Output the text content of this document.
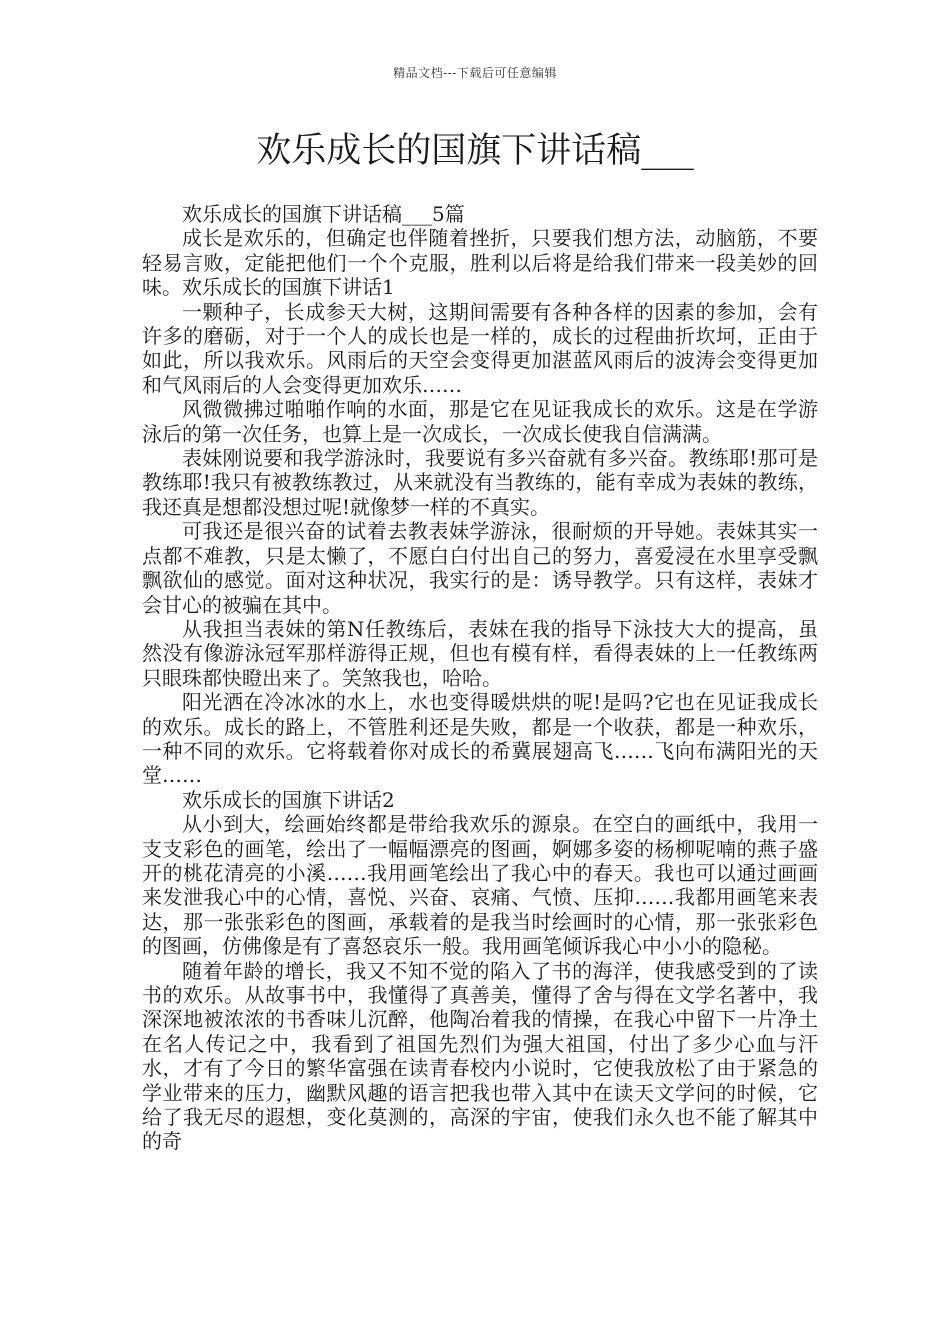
精品文档---下载后可任意编辑
欢乐成长的国旗下讲话稿___

欢乐成长的国旗下讲话稿___5篇

成长是欢乐的，但确定也伴随着挫折，只要我们想方法，动脑筋，不要轻易言败，定能把他们一个个克服，胜利以后将是给我们带来一段美妙的回味。欢乐成长的国旗下讲话1

一颗种子，长成参天大树，这期间需要有各种各样的因素的参加，会有许多的磨砺，对于一个人的成长也是一样的，成长的过程曲折坎坷，正由于如此，所以我欢乐。风雨后的天空会变得更加湛蓝风雨后的波涛会变得更加和气风雨后的人会变得更加欢乐……

风微微拂过啪啪作响的水面，那是它在见证我成长的欢乐。这是在学游泳后的第一次任务，也算上是一次成长，一次成长使我自信满满。

表妹刚说要和我学游泳时，我要说有多兴奋就有多兴奋。教练耶!那可是教练耶!我只有被教练教过，从来就没有当教练的，能有幸成为表妹的教练，我还真是想都没想过呢!就像梦一样的不真实。

可我还是很兴奋的试着去教表妹学游泳，很耐烦的开导她。表妹其实一点都不难教，只是太懒了，不愿白白付出自己的努力，喜爱浸在水里享受飘飘欲仙的感觉。面对这种状况，我实行的是：诱导教学。只有这样，表妹才会甘心的被骗在其中。

从我担当表妹的第N任教练后，表妹在我的指导下泳技大大的提高，虽然没有像游泳冠军那样游得正规，但也有模有样，看得表妹的上一任教练两只眼珠都快瞪出来了。笑煞我也，哈哈。

阳光洒在冷冰冰的水上，水也变得暖烘烘的呢!是吗?它也在见证我成长的欢乐。成长的路上，不管胜利还是失败，都是一个收获，都是一种欢乐，一种不同的欢乐。它将载着你对成长的希冀展翅高飞……飞向布满阳光的天堂……

欢乐成长的国旗下讲话2

从小到大，绘画始终都是带给我欢乐的源泉。在空白的画纸中，我用一支支彩色的画笔，绘出了一幅幅漂亮的图画，婀娜多姿的杨柳呢喃的燕子盛开的桃花清亮的小溪……我用画笔绘出了我心中的春天。我也可以通过画画来发泄我心中的心情，喜悦、兴奋、哀痛、气愤、压抑……我都用画笔来表达，那一张张彩色的图画，承载着的是我当时绘画时的心情，那一张张彩色的图画，仿佛像是有了喜怒哀乐一般。我用画笔倾诉我心中小小的隐秘。

随着年龄的增长，我又不知不觉的陷入了书的海洋，使我感受到的了读书的欢乐。从故事书中，我懂得了真善美，懂得了舍与得在文学名著中，我深深地被浓浓的书香味儿沉醉，他陶冶着我的情操，在我心中留下一片净土在名人传记之中，我看到了祖国先烈们为强大祖国，付出了多少心血与汗水，才有了今日的繁华富强在读青春校内小说时，它使我放松了由于紧急的学业带来的压力，幽默风趣的语言把我也带入其中在读天文学问的时候，它给了我无尽的遐想，变化莫测的，高深的宇宙，使我们永久也不能了解其中的奇
